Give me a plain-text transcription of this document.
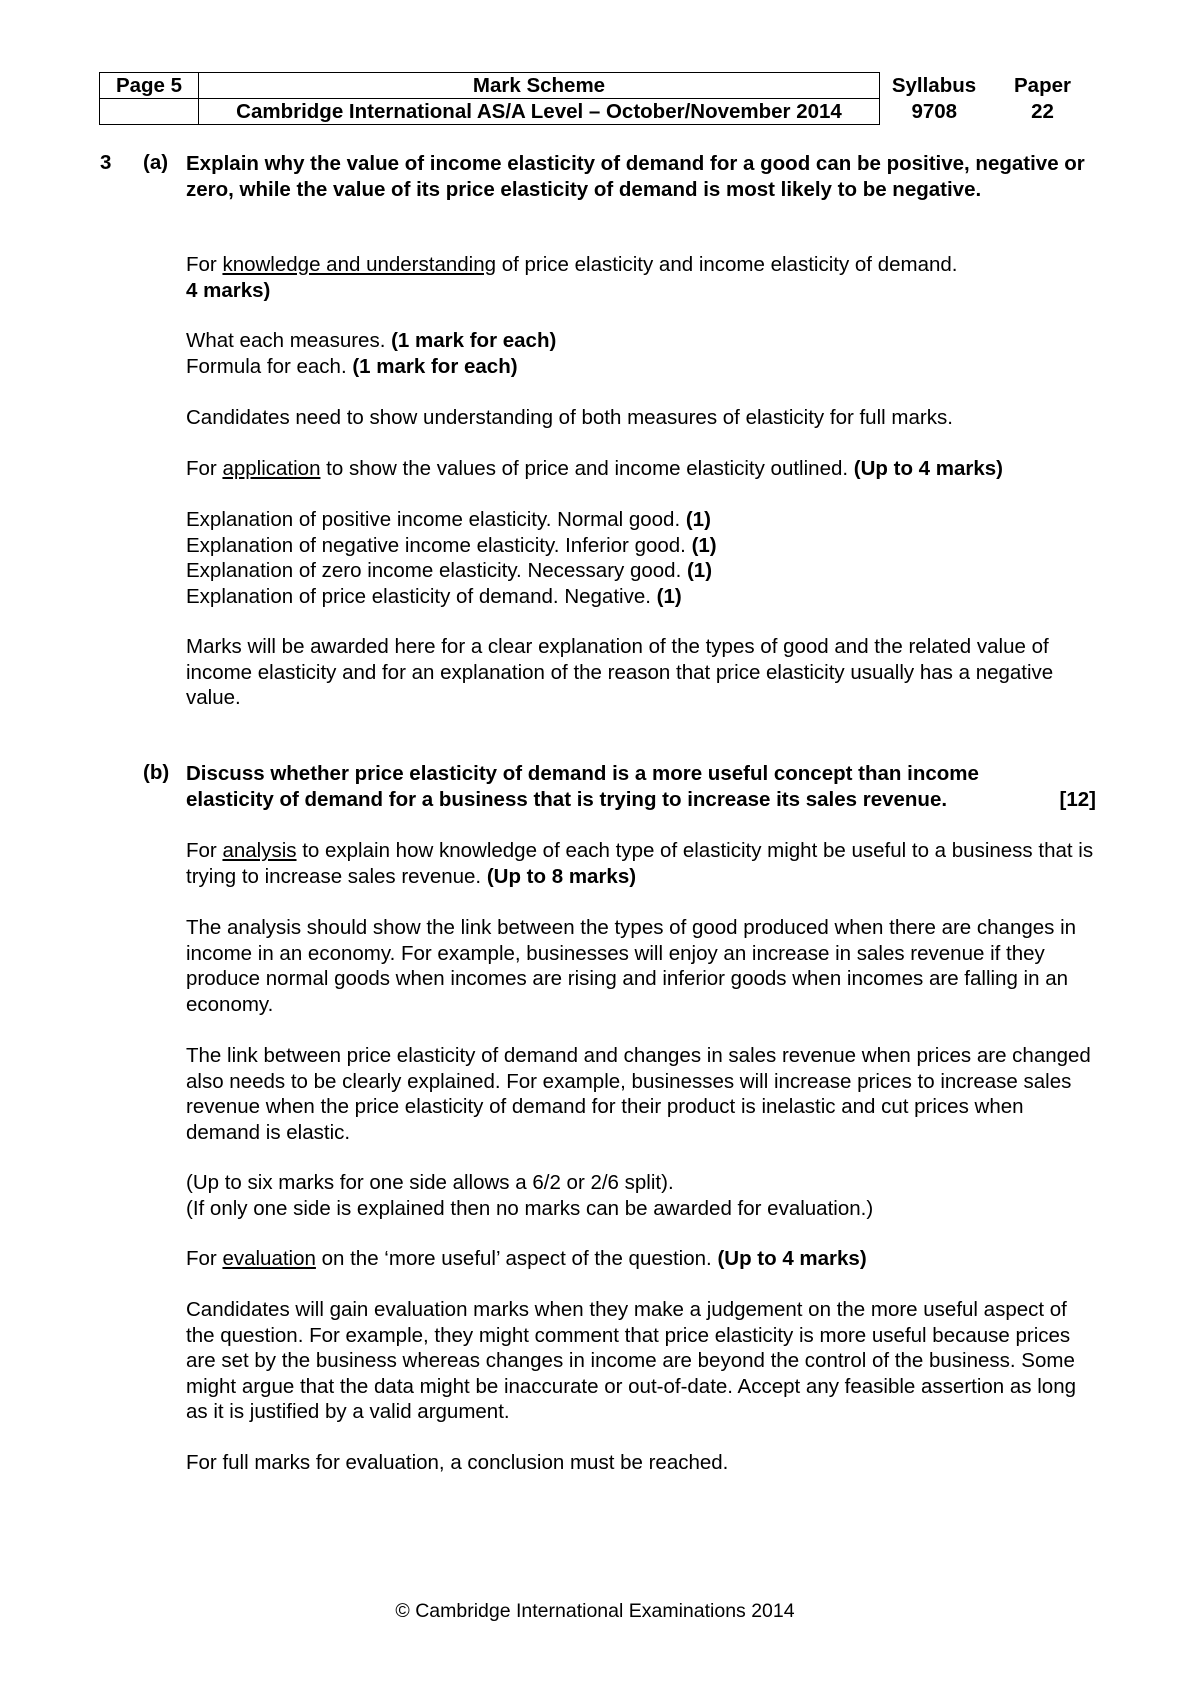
Page 5	Mark Scheme	Syllabus	Paper
	Cambridge International AS/A Level – October/November 2014	9708	22
3 (a) Explain why the value of income elasticity of demand for a good can be positive, negative or zero, while the value of its price elasticity of demand is most likely to be negative.

For knowledge and understanding of price elasticity and income elasticity of demand.

4 marks)

What each measures. (1 mark for each)

Formula for each. (1 mark for each)

Candidates need to show understanding of both measures of elasticity for full marks.

For application to show the values of price and income elasticity outlined. (Up to 4 marks)

Explanation of positive income elasticity. Normal good. (1)

Explanation of negative income elasticity. Inferior good. (1)

Explanation of zero income elasticity. Necessary good. (1)

Explanation of price elasticity of demand. Negative. (1)

Marks will be awarded here for a clear explanation of the types of good and the related value of income elasticity and for an explanation of the reason that price elasticity usually has a negative value.

(b) Discuss whether price elasticity of demand is a more useful concept than income

elasticity of demand for a business that is trying to increase its sales revenue.	[12]

For analysis to explain how knowledge of each type of elasticity might be useful to a business that is trying to increase sales revenue. (Up to 8 marks)

The analysis should show the link between the types of good produced when there are changes in income in an economy. For example, businesses will enjoy an increase in sales revenue if they produce normal goods when incomes are rising and inferior goods when incomes are falling in an economy.

The link between price elasticity of demand and changes in sales revenue when prices are changed also needs to be clearly explained. For example, businesses will increase prices to increase sales revenue when the price elasticity of demand for their product is inelastic and cut prices when demand is elastic.

(Up to six marks for one side allows a 6/2 or 2/6 split).

(If only one side is explained then no marks can be awarded for evaluation.)

For evaluation on the ‘more useful’ aspect of the question. (Up to 4 marks)

Candidates will gain evaluation marks when they make a judgement on the more useful aspect of the question. For example, they might comment that price elasticity is more useful because prices are set by the business whereas changes in income are beyond the control of the business. Some might argue that the data might be inaccurate or out-of-date. Accept any feasible assertion as long as it is justified by a valid argument.

For full marks for evaluation, a conclusion must be reached.

© Cambridge International Examinations 2014
